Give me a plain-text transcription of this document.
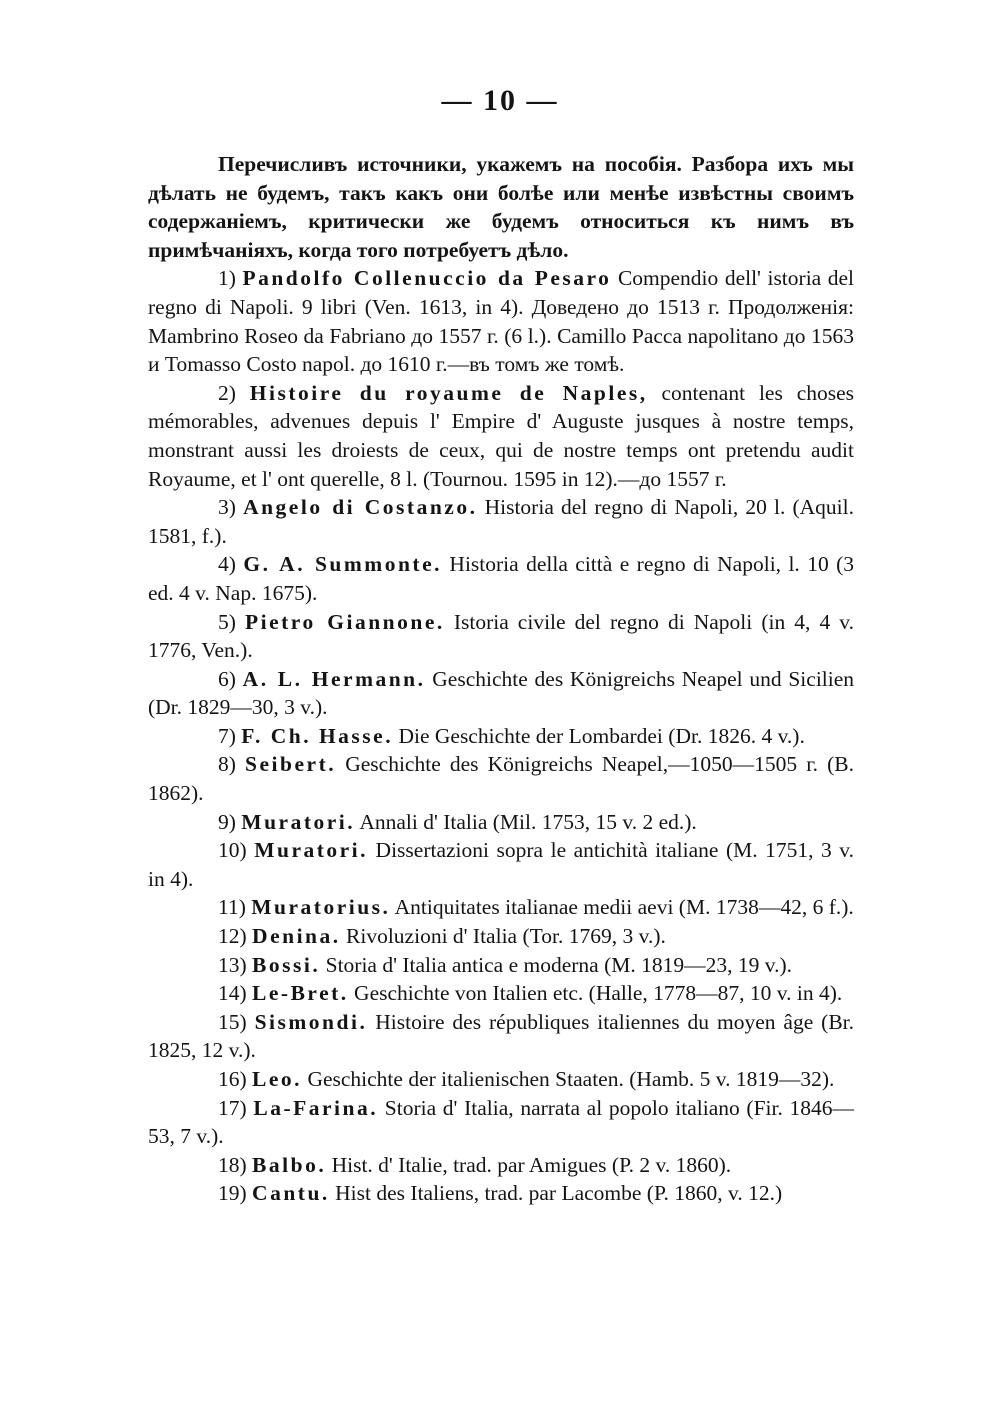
— 10 —

Перечисливъ источники, укажемъ на пособія. Разбора ихъ мы дѣлать не будемъ, такъ какъ они болѣе или менѣе извѣстны своимъ содержаніемъ, критически же будемъ относиться къ нимъ въ примѣчаніяхъ, когда того потребуетъ дѣло.

1) Pandolfo Collenuccio da Pesaro Compendio dell' istoria del regno di Napoli. 9 libri (Ven. 1613, in 4). Доведено до 1513 г. Продолженія: Mambrino Roseo da Fabriano до 1557 г. (6 l.). Camillo Pacca napolitano до 1563 и Tomasso Costo napol. до 1610 г.—въ томъ же томѣ.

2) Histoire du royaume de Naples, contenant les choses mémorables, advenues depuis l' Empire d' Auguste jusques à nostre temps, monstrant aussi les droiests de ceux, qui de nostre temps ont pretendu audit Royaume, et l' ont querelle, 8 l. (Tournou. 1595 in 12).—до 1557 г.

3) Angelo di Costanzo. Historia del regno di Napoli, 20 l. (Aquil. 1581, f.).

4) G. A. Summonte. Historia della città e regno di Napoli, l. 10 (3 ed. 4 v. Nap. 1675).

5) Pietro Giannone. Istoria civile del regno di Napoli (in 4, 4 v. 1776, Ven.).

6) A. L. Hermann. Geschichte des Königreichs Neapel und Sicilien (Dr. 1829—30, 3 v.).

7) F. Ch. Hasse. Die Geschichte der Lombardei (Dr. 1826. 4 v.).

8) Seibert. Geschichte des Königreichs Neapel,—1050—1505 г. (B. 1862).

9) Muratori. Annali d' Italia (Mil. 1753, 15 v. 2 ed.).

10) Muratori. Dissertazioni sopra le antichità italiane (M. 1751, 3 v. in 4).

11) Muratorius. Antiquitates italianae medii aevi (M. 1738—42, 6 f.).

12) Denina. Rivoluzioni d' Italia (Tor. 1769, 3 v.).

13) Bossi. Storia d' Italia antica e moderna (M. 1819—23, 19 v.).

14) Le-Bret. Geschichte von Italien etc. (Halle, 1778—87, 10 v. in 4).

15) Sismondi. Histoire des républiques italiennes du moyen âge (Br. 1825, 12 v.).

16) Leo. Geschichte der italienischen Staaten. (Hamb. 5 v. 1819—32).

17) La-Farina. Storia d' Italia, narrata al popolo italiano (Fir. 1846—53, 7 v.).

18) Balbo. Hist. d' Italie, trad. par Amigues (P. 2 v. 1860).

19) Cantu. Hist des Italiens, trad. par Lacombe (P. 1860, v. 12.)
